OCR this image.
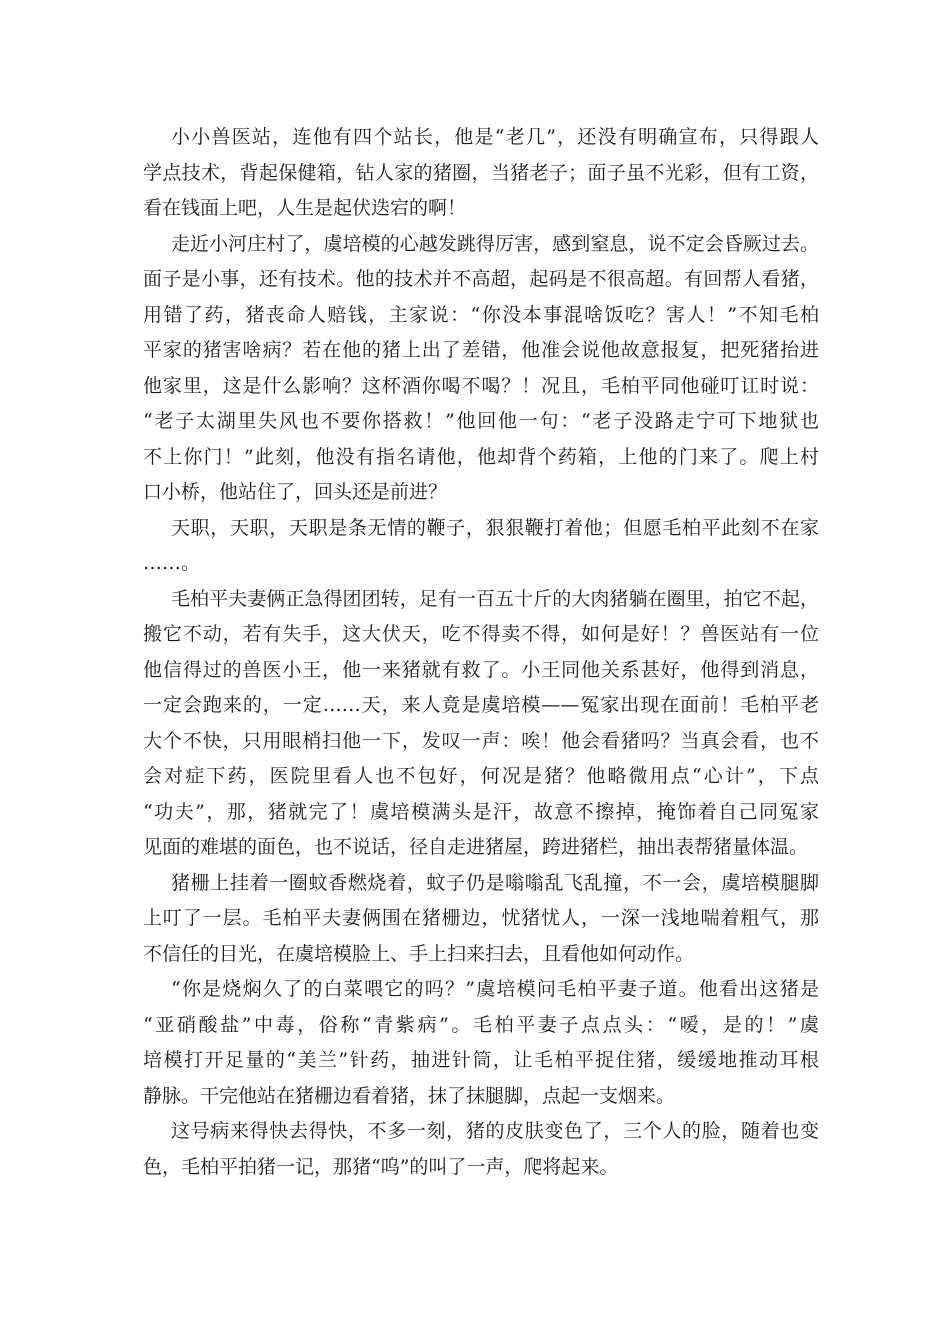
小小兽医站，连他有四个站长，他是“老几”，还没有明确宣布，只得跟人
学点技术，背起保健箱，钻人家的猪圈，当猪老子；面子虽不光彩，但有工资，
看在钱面上吧，人生是起伏迭宕的啊！
走近小河庄村了，虞培模的心越发跳得厉害，感到窒息，说不定会昏厥过去。
面子是小事，还有技术。他的技术并不高超，起码是不很高超。有回帮人看猪，
用错了药，猪丧命人赔钱，主家说：“你没本事混啥饭吃？害人！”不知毛柏
平家的猪害啥病？若在他的猪上出了差错，他准会说他故意报复，把死猪抬进
他家里，这是什么影响？这杯酒你喝不喝？！况且，毛柏平同他碰叮讧时说：
“老子太湖里失风也不要你搭救！”他回他一句：“老子没路走宁可下地狱也
不上你门！”此刻，他没有指名请他，他却背个药箱，上他的门来了。爬上村
口小桥，他站住了，回头还是前进？
天职，天职，天职是条无情的鞭子，狠狠鞭打着他；但愿毛柏平此刻不在家
……。
毛柏平夫妻俩正急得团团转，足有一百五十斤的大肉猪躺在圈里，拍它不起，
搬它不动，若有失手，这大伏天，吃不得卖不得，如何是好！？兽医站有一位
他信得过的兽医小王，他一来猪就有救了。小王同他关系甚好，他得到消息，
一定会跑来的，一定……天，来人竟是虞培模——冤家出现在面前！毛柏平老
大个不快，只用眼梢扫他一下，发叹一声：唉！他会看猪吗？当真会看，也不
会对症下药，医院里看人也不包好，何况是猪？他略微用点“心计”，下点
“功夫”，那，猪就完了！虞培模满头是汗，故意不擦掉，掩饰着自己同冤家
见面的难堪的面色，也不说话，径自走进猪屋，跨进猪栏，抽出表帮猪量体温。
猪栅上挂着一圈蚊香燃烧着，蚊子仍是嗡嗡乱飞乱撞，不一会，虞培模腿脚
上叮了一层。毛柏平夫妻俩围在猪栅边，忧猪忧人，一深一浅地喘着粗气，那
不信任的目光，在虞培模脸上、手上扫来扫去，且看他如何动作。
“你是烧焖久了的白菜喂它的吗？”虞培模问毛柏平妻子道。他看出这猪是
“亚硝酸盐”中毒，俗称“青紫病”。毛柏平妻子点点头：“嗳，是的！”虞
培模打开足量的“美兰”针药，抽进针筒，让毛柏平捉住猪，缓缓地推动耳根
静脉。干完他站在猪栅边看着猪，抹了抹腿脚，点起一支烟来。
这号病来得快去得快，不多一刻，猪的皮肤变色了，三个人的脸，随着也变
色，毛柏平拍猪一记，那猪“呜”的叫了一声，爬将起来。
